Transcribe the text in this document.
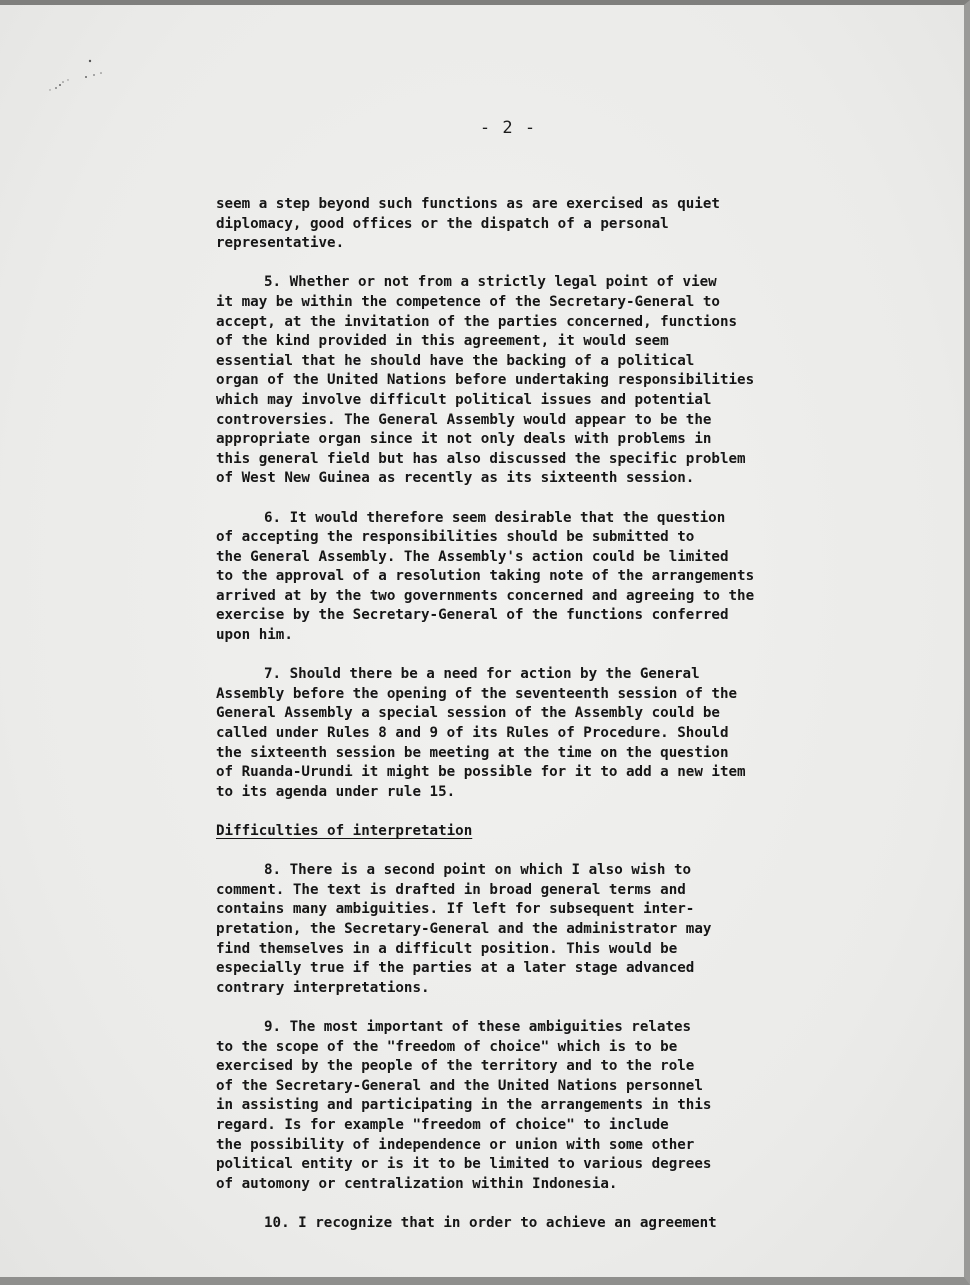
- 2 -

seem a step beyond such functions as are exercised as quiet
diplomacy, good offices or the dispatch of a personal
representative.

5. Whether or not from a strictly legal point of view
it may be within the competence of the Secretary-General to
accept, at the invitation of the parties concerned, functions
of the kind provided in this agreement, it would seem
essential that he should have the backing of a political
organ of the United Nations before undertaking responsibilities
which may involve difficult political issues and potential
controversies. The General Assembly would appear to be the
appropriate organ since it not only deals with problems in
this general field but has also discussed the specific problem
of West New Guinea as recently as its sixteenth session.

6. It would therefore seem desirable that the question
of accepting the responsibilities should be submitted to
the General Assembly. The Assembly's action could be limited
to the approval of a resolution taking note of the arrangements
arrived at by the two governments concerned and agreeing to the
exercise by the Secretary-General of the functions conferred
upon him.

7. Should there be a need for action by the General
Assembly before the opening of the seventeenth session of the
General Assembly a special session of the Assembly could be
called under Rules 8 and 9 of its Rules of Procedure. Should
the sixteenth session be meeting at the time on the question
of Ruanda-Urundi it might be possible for it to add a new item
to its agenda under rule 15.

Difficulties of interpretation

8. There is a second point on which I also wish to
comment. The text is drafted in broad general terms and
contains many ambiguities. If left for subsequent inter-
pretation, the Secretary-General and the administrator may
find themselves in a difficult position. This would be
especially true if the parties at a later stage advanced
contrary interpretations.

9. The most important of these ambiguities relates
to the scope of the "freedom of choice" which is to be
exercised by the people of the territory and to the role
of the Secretary-General and the United Nations personnel
in assisting and participating in the arrangements in this
regard. Is for example "freedom of choice" to include
the possibility of independence or union with some other
political entity or is it to be limited to various degrees
of automony or centralization within Indonesia.

10. I recognize that in order to achieve an agreement
